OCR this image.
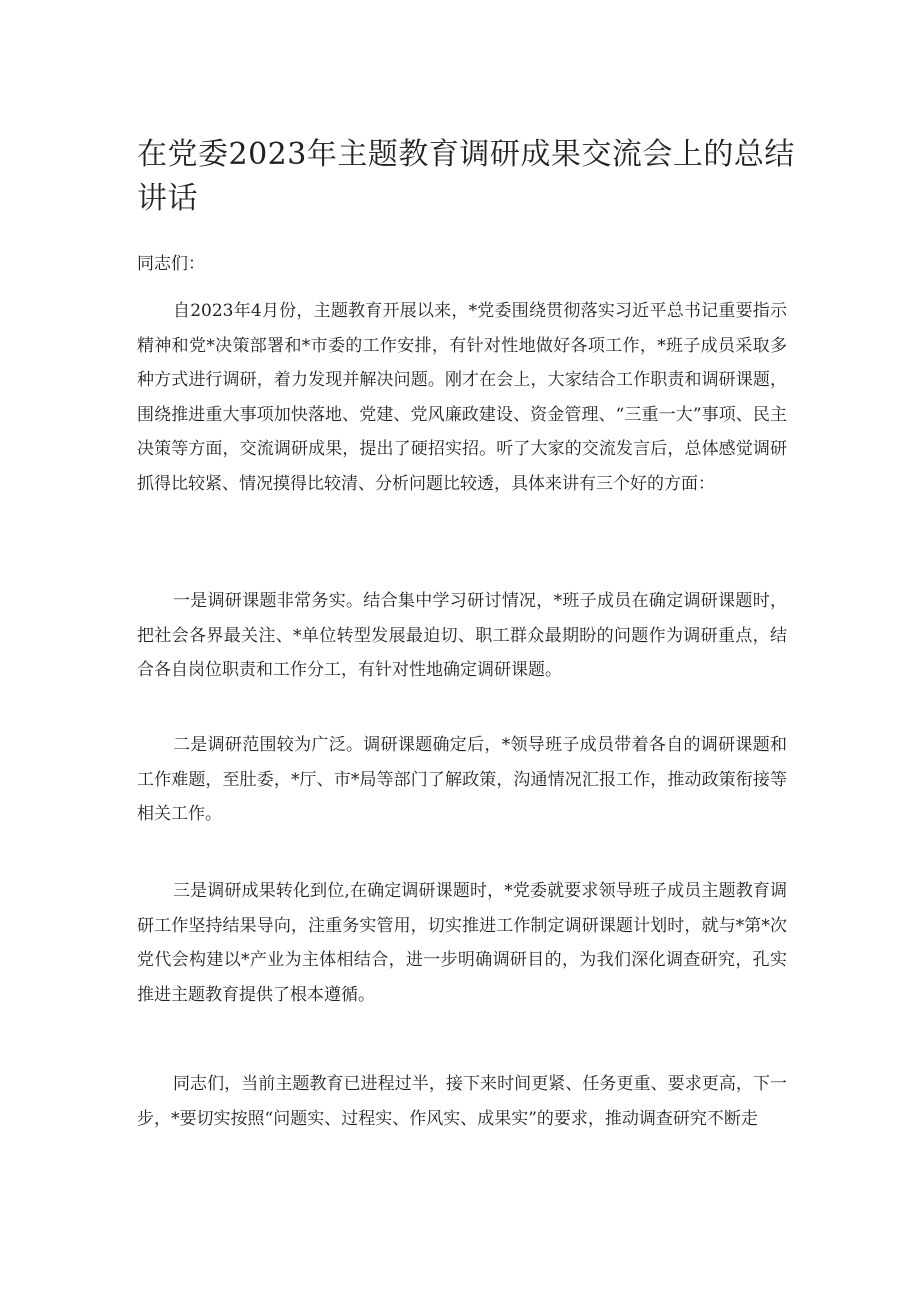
在党委2023年主题教育调研成果交流会上的总结讲话

同志们：

自2023年4月份，主题教育开展以来，*党委围绕贯彻落实习近平总书记重要指示精神和党*决策部署和*市委的工作安排，有针对性地做好各项工作，*班子成员采取多种方式进行调研，着力发现并解决问题。刚才在会上，大家结合工作职责和调研课题，围绕推进重大事项加快落地、党建、党风廉政建设、资金管理、“三重一大”事项、民主决策等方面，交流调研成果，提出了硬招实招。听了大家的交流发言后，总体感觉调研抓得比较紧、情况摸得比较清、分析问题比较透，具体来讲有三个好的方面：

一是调研课题非常务实。结合集中学习研讨情况，*班子成员在确定调研课题时，把社会各界最关注、*单位转型发展最迫切、职工群众最期盼的问题作为调研重点，结合各自岗位职责和工作分工，有针对性地确定调研课题。

二是调研范围较为广泛。调研课题确定后，*领导班子成员带着各自的调研课题和工作难题，至肚委，*厅、市*局等部门了解政策，沟通情况汇报工作，推动政策衔接等相关工作。

三是调研成果转化到位,在确定调研课题时，*党委就要求领导班子成员主题教育调研工作坚持结果导向，注重务实管用，切实推进工作制定调研课题计划时，就与*第*次党代会构建以*产业为主体相结合，进一步明确调研目的，为我们深化调查研究，孔实推进主题教育提供了根本遵循。

同志们，当前主题教育已进程过半，接下来时间更紧、任务更重、要求更高，下一步，*要切实按照“问题实、过程实、作风实、成果实”的要求，推动调查研究不断走
